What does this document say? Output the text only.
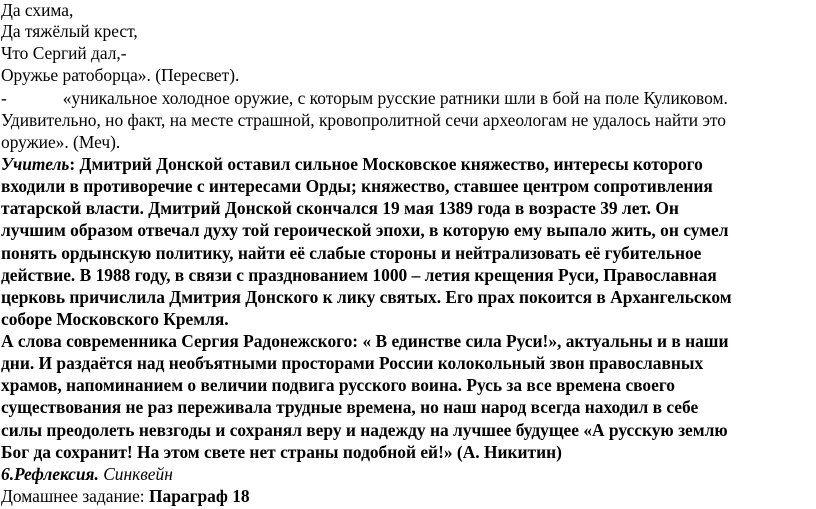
Да схима,
Да тяжёлый крест,
Что Сергий дал,-
Оружье ратоборца». (Пересвет).
-	«уникальное холодное оружие, с которым русские ратники шли в бой на поле Куликовом.
Удивительно, но факт, на месте страшной, кровопролитной сечи археологам не удалось найти это
оружие». (Меч).
Учитель: Дмитрий Донской оставил сильное Московское княжество, интересы которого
входили в противоречие с интересами Орды; княжество, ставшее центром сопротивления
татарской власти. Дмитрий Донской скончался 19 мая 1389 года в возрасте 39 лет. Он
лучшим образом отвечал духу той героической эпохи, в которую ему выпало жить, он сумел
понять ордынскую политику, найти её слабые стороны и нейтрализовать её губительное
действие. В 1988 году, в связи с празднованием 1000 – летия крещения Руси, Православная
церковь причислила Дмитрия Донского к лику святых. Его прах покоится в Архангельском
соборе Московского Кремля.
А слова современника Сергия Радонежского: « В единстве сила Руси!», актуальны и в наши
дни. И раздаётся над необъятными просторами России колокольный звон православных
храмов, напоминанием о величии подвига русского воина. Русь за все времена своего
существования не раз переживала трудные времена, но наш народ всегда находил в себе
силы преодолеть невзгоды и сохранял веру и надежду на лучшее будущее «А русскую землю
Бог да сохранит! На этом свете нет страны подобной ей!» (А. Никитин)
6.Рефлексия. Синквейн
Домашнее задание: Параграф 18
